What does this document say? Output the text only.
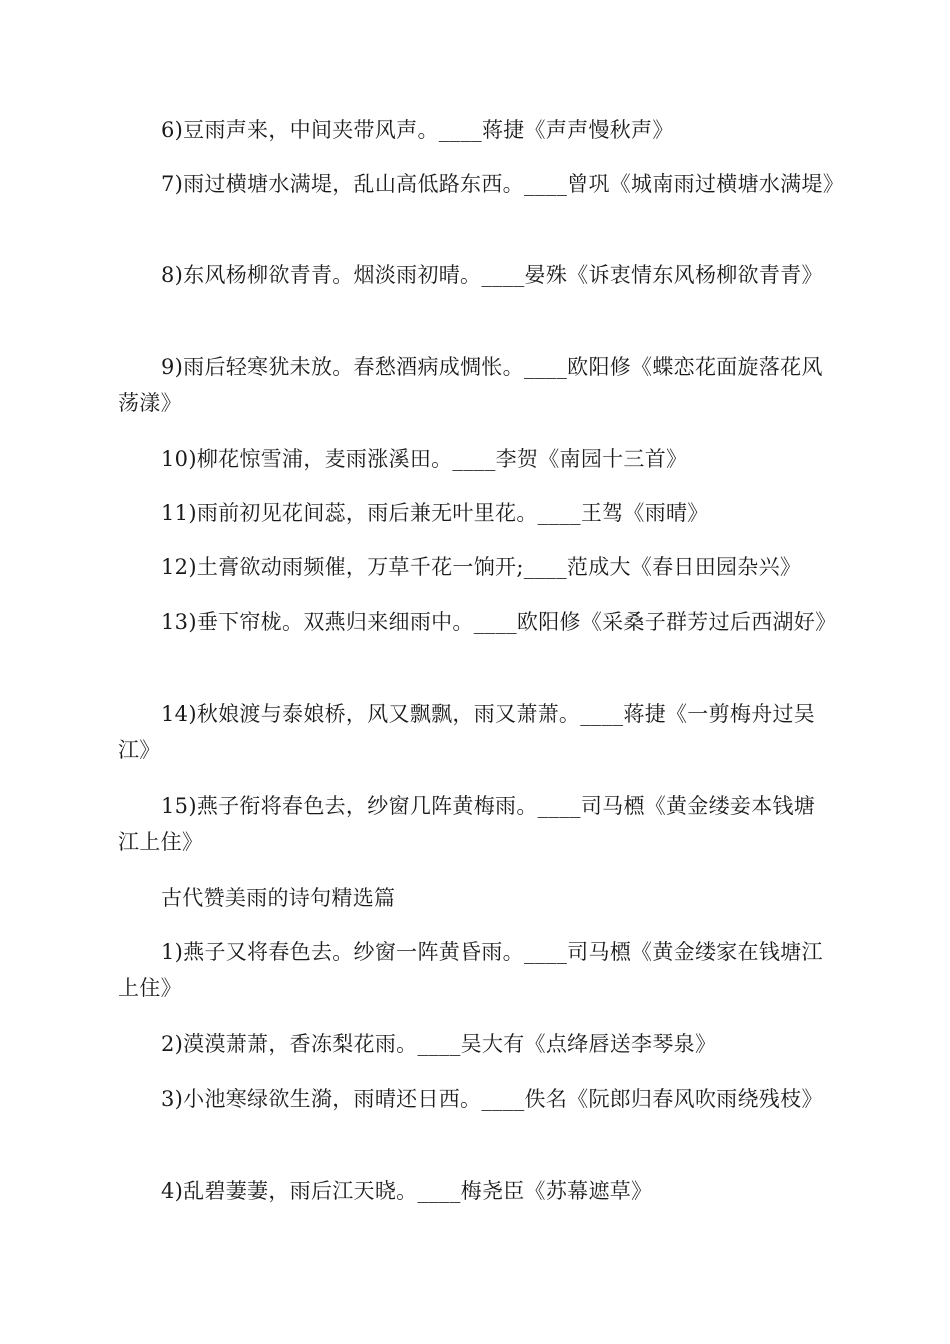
6)豆雨声来，中间夹带风声。____蒋捷《声声慢秋声》

7)雨过横塘水满堤，乱山高低路东西。____曾巩《城南雨过横塘水满堤》

8)东风杨柳欲青青。烟淡雨初晴。____晏殊《诉衷情东风杨柳欲青青》

9)雨后轻寒犹未放。春愁酒病成惆怅。____欧阳修《蝶恋花面旋落花风荡漾》

10)柳花惊雪浦，麦雨涨溪田。____李贺《南园十三首》

11)雨前初见花间蕊，雨后兼无叶里花。____王驾《雨晴》

12)土膏欲动雨频催，万草千花一饷开;____范成大《春日田园杂兴》

13)垂下帘栊。双燕归来细雨中。____欧阳修《采桑子群芳过后西湖好》

14)秋娘渡与泰娘桥，风又飘飘，雨又萧萧。____蒋捷《一剪梅舟过吴江》

15)燕子衔将春色去，纱窗几阵黄梅雨。____司马槱《黄金缕妾本钱塘江上住》

古代赞美雨的诗句精选篇

1)燕子又将春色去。纱窗一阵黄昏雨。____司马槱《黄金缕家在钱塘江上住》

2)漠漠萧萧，香冻梨花雨。____吴大有《点绛唇送李琴泉》

3)小池寒绿欲生漪，雨晴还日西。____佚名《阮郎归春风吹雨绕残枝》

4)乱碧萋萋，雨后江天晓。____梅尧臣《苏幕遮草》
